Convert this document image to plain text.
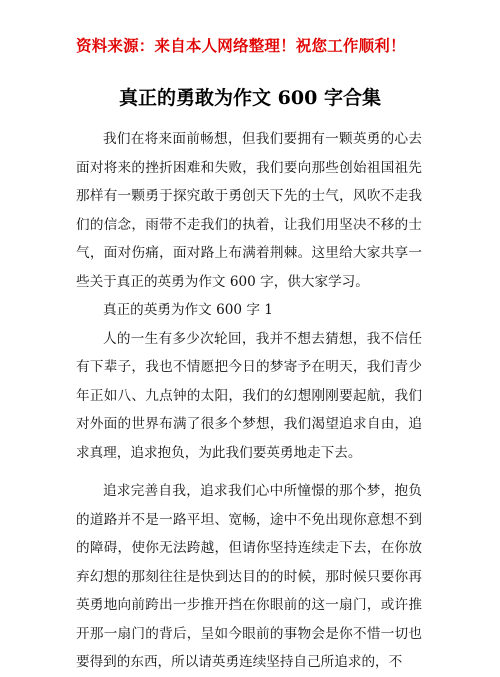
资料来源：来自本人网络整理！祝您工作顺利！
真正的勇敢为作文 600 字合集

我们在将来面前畅想，但我们要拥有一颗英勇的心去面对将来的挫折困难和失败，我们要向那些创始祖国祖先那样有一颗勇于探究敢于勇创天下先的士气，风吹不走我们的信念，雨带不走我们的执着，让我们用坚决不移的士气，面对伤痛，面对路上布满着荆棘。这里给大家共享一些关于真正的英勇为作文 600 字，供大家学习。

真正的英勇为作文 600 字 1

人的一生有多少次轮回，我并不想去猜想，我不信任有下辈子，我也不情愿把今日的梦寄予在明天，我们青少年正如八、九点钟的太阳，我们的幻想刚刚要起航，我们对外面的世界布满了很多个梦想，我们渴望追求自由，追求真理，追求抱负，为此我们要英勇地走下去。

追求完善自我，追求我们心中所憧憬的那个梦，抱负的道路并不是一路平坦、宽畅，途中不免出现你意想不到的障碍，使你无法跨越，但请你坚持连续走下去，在你放弃幻想的那刻往往是快到达目的的时候，那时候只要你再英勇地向前跨出一步推开挡在你眼前的这一扇门，或许推开那一扇门的背后，呈如今眼前的事物会是你不惜一切也要得到的东西，所以请英勇连续坚持自己所追求的，不
